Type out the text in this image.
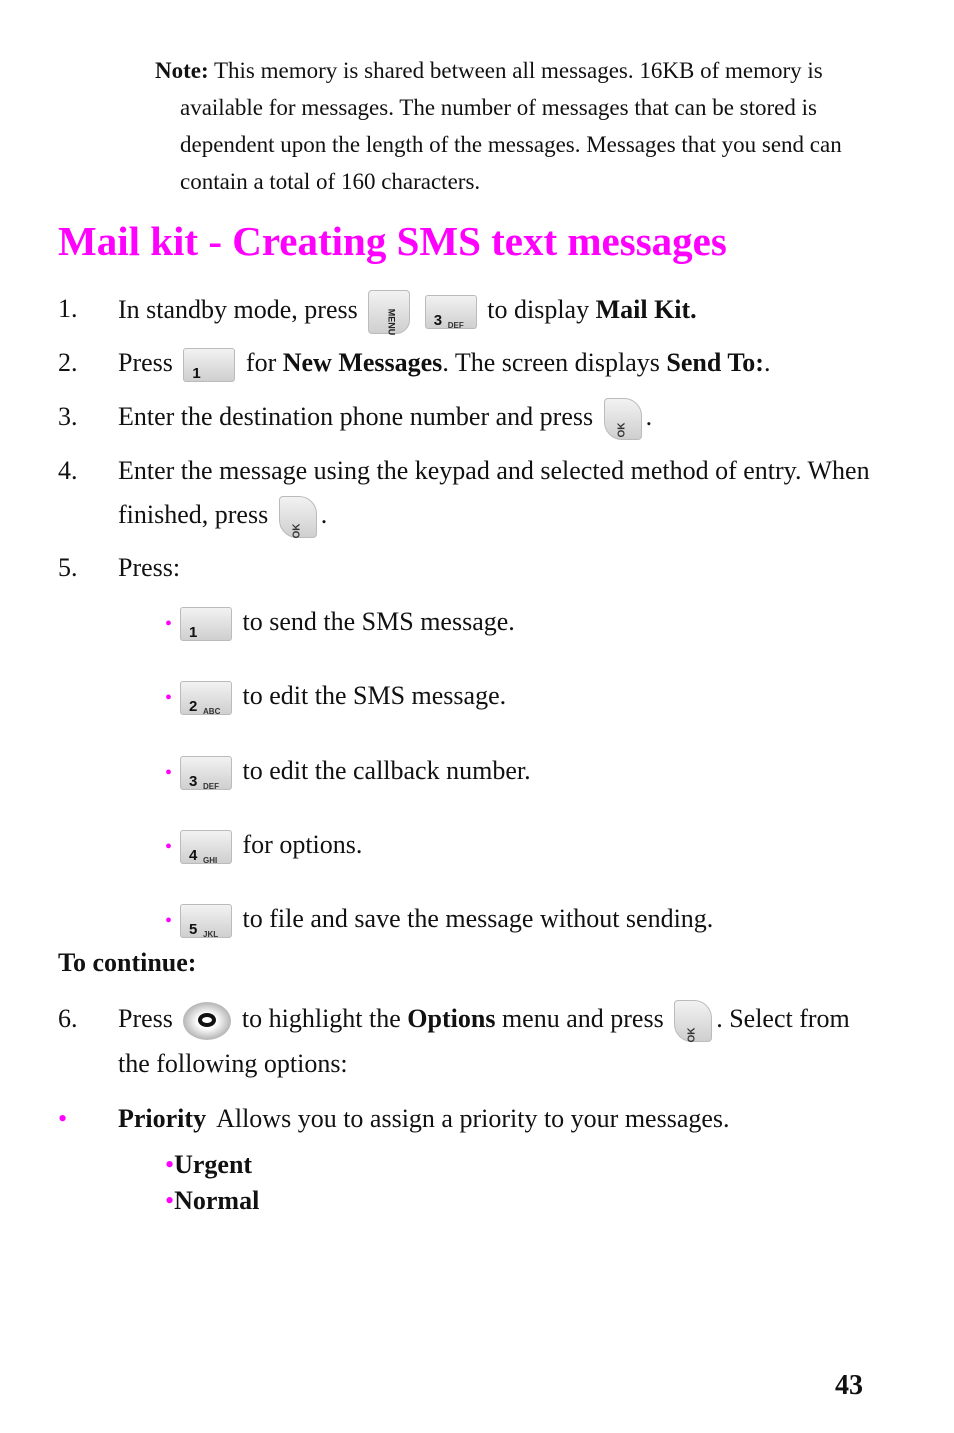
Note: This memory is shared between all messages. 16KB of memory is available for messages. The number of messages that can be stored is dependent upon the length of the messages. Messages that you send can contain a total of 160 characters.
Mail kit - Creating SMS text messages
1. In standby mode, press	MENU
	3 DEF
to display Mail Kit.
2. Press 1 for New Messages. The screen displays Send To:.
3. Enter the destination phone number and press	OK .
4. Enter the message using the keypad and selected method of entry. When finished, press
OK
.
5. Press:
• 1 to send the SMS message.
• 2 ABC
to edit the SMS message.
• 3 DEF
to edit the callback number.
• 4 GHI
for options.
• 5 JKL
to file and save the message without sending.
To continue:
6. Press	to highlight the Options menu and press
OK
. Select from the following options:
• Priority Allows you to assign a priority to your messages.
•Urgent
•Normal
43
